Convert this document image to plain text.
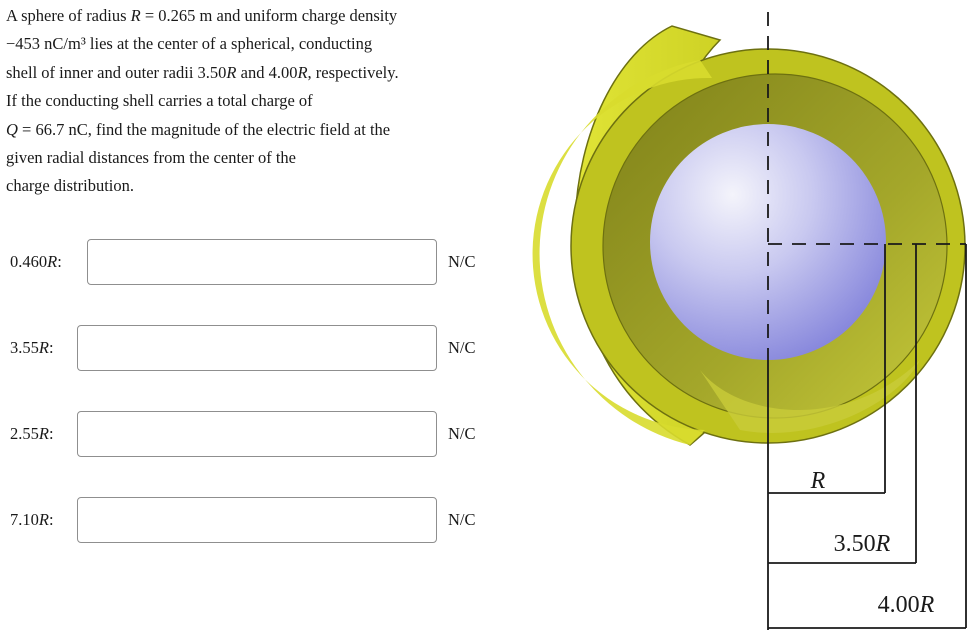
A sphere of radius R = 0.265 m and uniform charge density
−453 nC/m³ lies at the center of a spherical, conducting
shell of inner and outer radii 3.50R and 4.00R, respectively.
If the conducting shell carries a total charge of
Q = 66.7 nC, find the magnitude of the electric field at the
given radial distances from the center of the
charge distribution.
0.460R:	N/C
3.55R:	N/C
2.55R:	N/C
7.10R:	N/C
R
3.50R
4.00R
